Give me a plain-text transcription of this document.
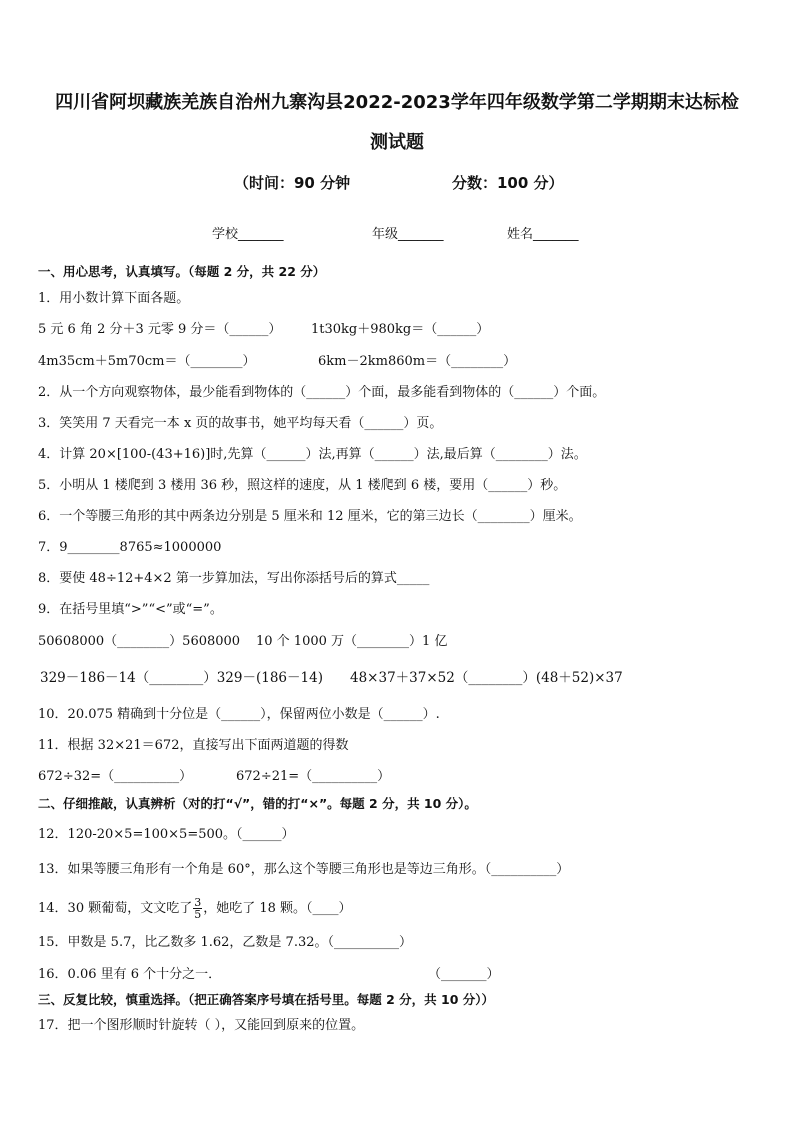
四川省阿坝藏族羌族自治州九寨沟县2022-2023学年四年级数学第二学期期末达标检
测试题
（时间：90 分钟	分数：100 分）
学校_______	年级_______	姓名_______
一、用心思考，认真填写。（每题 2 分，共 22 分）
1．用小数计算下面各题。
5 元 6 角 2 分＋3 元零 9 分＝（______） 1t30kg＋980kg＝（______）
4m35cm＋5m70cm＝（________）	6km－2km860m＝（________）
2．从一个方向观察物体，最少能看到物体的（______）个面，最多能看到物体的（______）个面。
3．笑笑用 7 天看完一本 x 页的故事书，她平均每天看（______）页。
4．计算 20×[100-(43+16)]时,先算（______）法,再算（______）法,最后算（________）法。
5．小明从 1 楼爬到 3 楼用 36 秒，照这样的速度，从 1 楼爬到 6 楼，要用（______）秒。
6．一个等腰三角形的其中两条边分别是 5 厘米和 12 厘米，它的第三边长（________）厘米。
7．9________8765≈1000000
8．要使 48÷12+4×2 第一步算加法，写出你添括号后的算式_____
9．在括号里填“>”“<”或“=”。
50608000（________）5608000 10 个 1000 万（________）1 亿
329－186－14（________）329－(186－14) 48×37＋37×52（________）(48＋52)×37
10．20.075 精确到十分位是（______），保留两位小数是（______）.
11．根据 32×21＝672，直接写出下面两道题的得数
672÷32=（__________）	672÷21=（__________）
二、仔细推敲，认真辨析（对的打“√”，错的打“×”。每题 2 分，共 10 分）。
12．120-20×5=100×5=500。（______）
13．如果等腰三角形有一个角是 60°，那么这个等腰三角形也是等边三角形。（__________）
14．30 颗葡萄，文文吃了 $\frac{3}{5}$ ，她吃了 18 颗。（____）
15．甲数是 5.7，比乙数多 1.62，乙数是 7.32。（__________）
16．0.06 里有 6 个十分之一．	（_______）
三、反复比较，慎重选择。（把正确答案序号填在括号里。每题 2 分，共 10 分））
17．把一个图形顺时针旋转（ ），又能回到原来的位置。
